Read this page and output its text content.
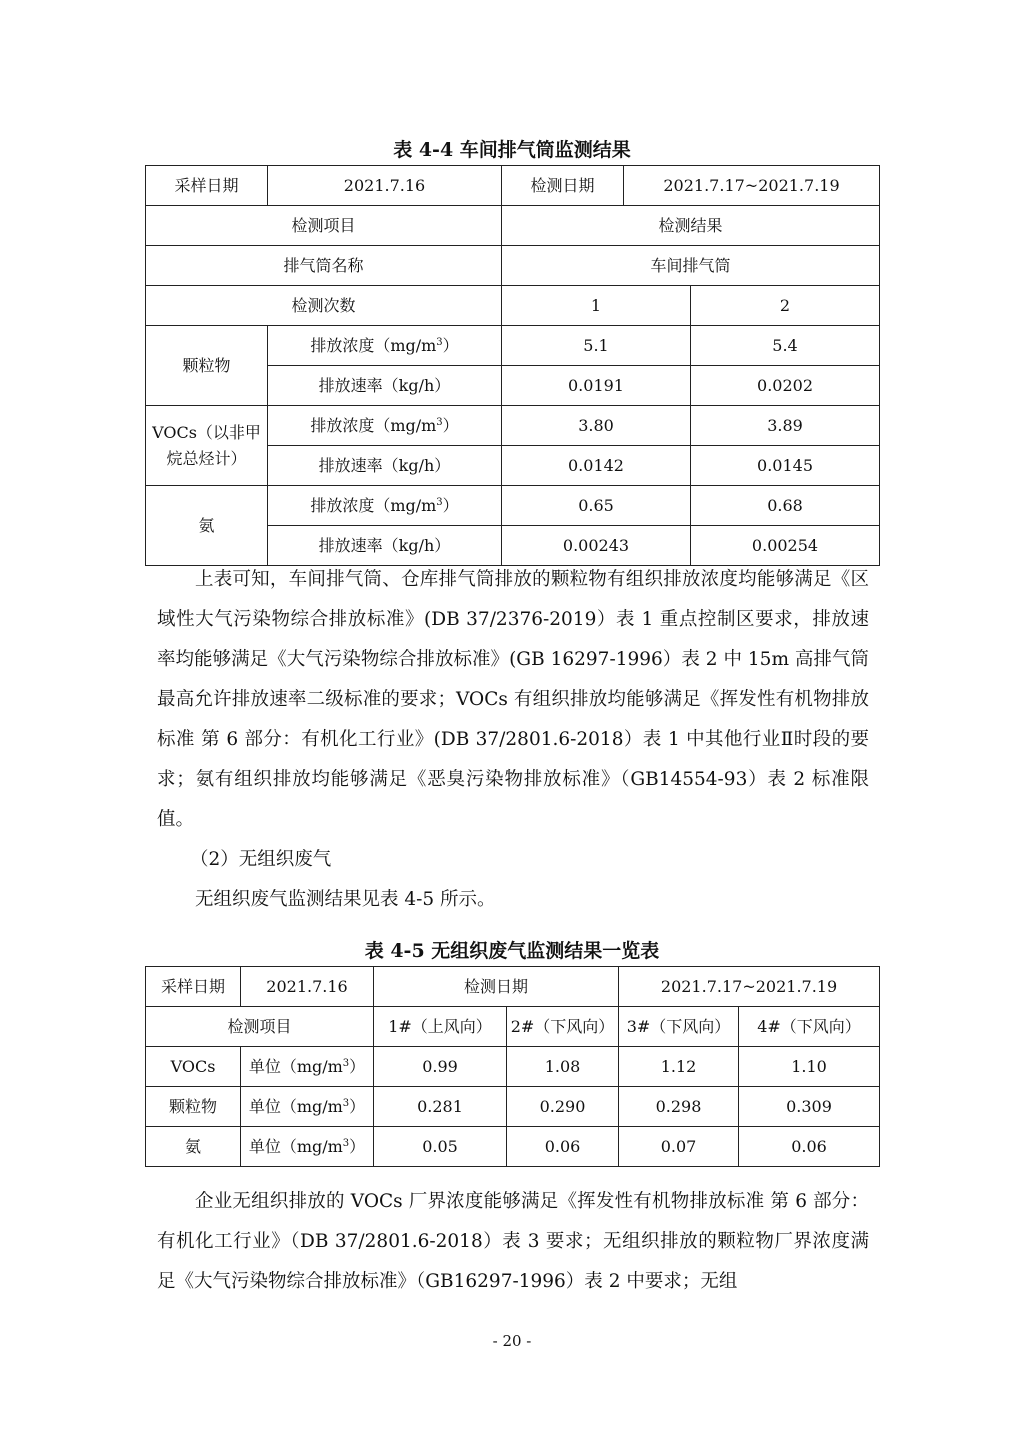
表 4-4 车间排气筒监测结果
采样日期	2021.7.16	检测日期	2021.7.17~2021.7.19	
检测项目		检测结果		
排气筒名称		车间排气筒		
检测次数		1		2
颗粒物	排放浓度$(mg/m^3)$	5.1		5.4
	排放速率（kg/h）	0.0191		0.0202
VOCs（以非甲烷总烃计）	排放浓度$(mg/m^3)$	3.80		3.89
	排放速率（kg/h）	0.0142		0.0145
氨	排放浓度$(mg/m^3)$	0.65		0.68
	排放速率（kg/h）	0.00243		0.00254

上表可知，车间排气筒、仓库排气筒排放的颗粒物有组织排放浓度均能够满足《区域性大气污染物综合排放标准》(DB 37/2376-2019）表 1 重点控制区要求，排放速率均能够满足《大气污染物综合排放标准》(GB 16297-1996）表 2 中 15m 高排气筒最高允许排放速率二级标准的要求；VOCs 有组织排放均能够满足《挥发性有机物排放标准 第 6 部分：有机化工行业》(DB 37/2801.6-2018）表 1 中其他行业Ⅱ时段的要求；氨有组织排放均能够满足《恶臭污染物排放标准》（GB14554-93）表 2 标准限值。

（2）无组织废气
无组织废气监测结果见表 4-5 所示。
表 4-5 无组织废气监测结果一览表
采样日期	2021.7.16	检测日期		2021.7.17~2021.7.19	
检测项目		1#（上风向）	2#（下风向）	3#（下风向）	4#（下风向）
VOCs	单位$(mg/m^3)$	0.99	1.08	1.12	1.10
颗粒物	单位$(mg/m^3)$	0.281	0.290	0.298	0.309
氨	单位$(mg/m^3)$	0.05	0.06	0.07	0.06

企业无组织排放的 VOCs 厂界浓度能够满足《挥发性有机物排放标准 第 6 部分：有机化工行业》（DB 37/2801.6-2018）表 3 要求；无组织排放的颗粒物厂界浓度满足《大气污染物综合排放标准》（GB16297-1996）表 2 中要求；无组

- 20 -
